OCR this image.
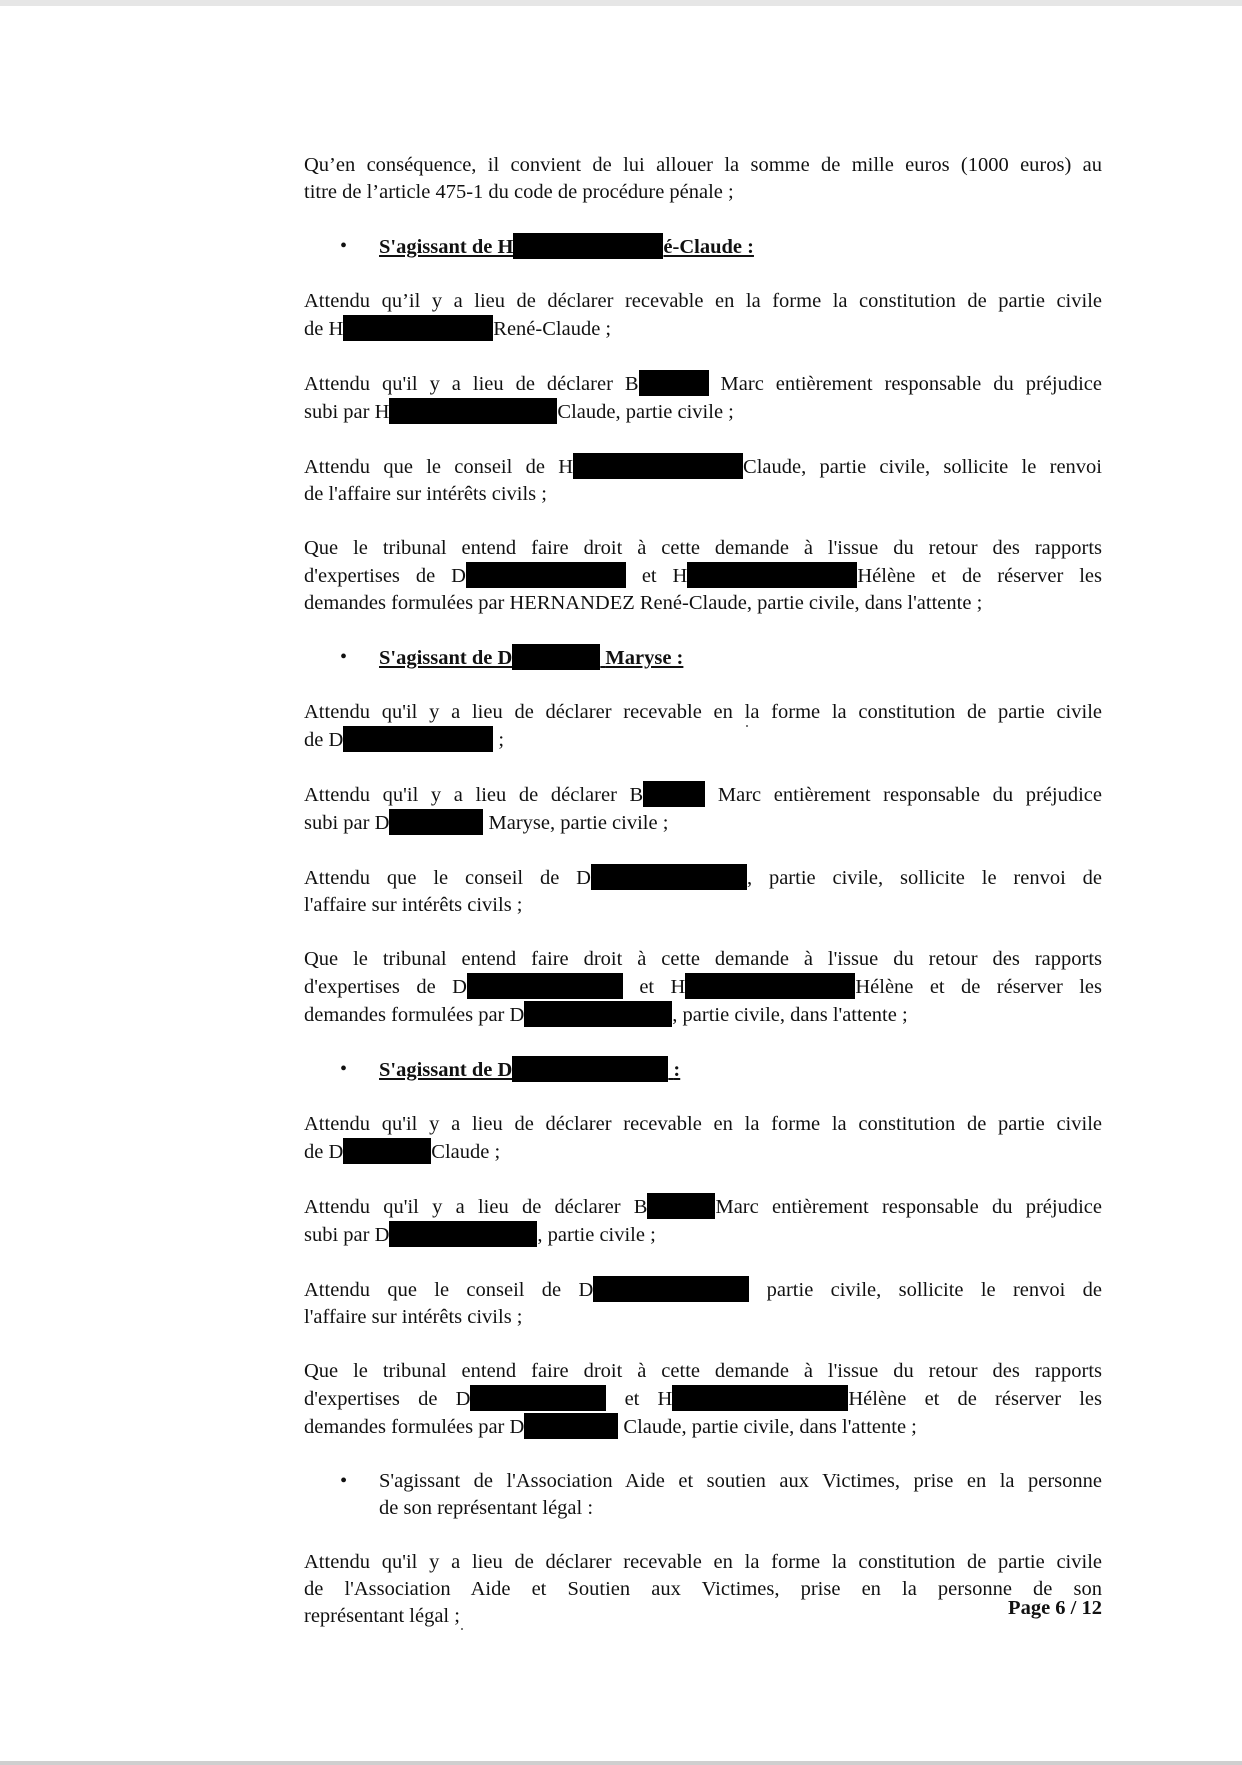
Qu’en conséquence, il convient de lui allouer la somme de mille euros (1000 euros) au
titre de l’article 475-1 du code de procédure pénale ;

• S'agissant de H	é-Claude :

Attendu qu’il y a lieu de déclarer recevable en la forme la constitution de partie civile
de H	René-Claude ;

Attendu qu'il y a lieu de déclarer B	Marc entièrement responsable du préjudice
subi par H	Claude, partie civile ;

Attendu que le conseil de H	Claude, partie civile, sollicite le renvoi
de l'affaire sur intérêts civils ;

Que le tribunal entend faire droit à cette demande à l'issue du retour des rapports
d'expertises de D	et H	Hélène et de réserver les
demandes formulées par HERNANDEZ René-Claude, partie civile, dans l'attente ;

• S'agissant de D	Maryse :

Attendu qu'il y a lieu de déclarer recevable en la forme la constitution de partie civile
de D	;

Attendu qu'il y a lieu de déclarer B	Marc entièrement responsable du préjudice
subi par D	Maryse, partie civile ;

Attendu que le conseil de D	, partie civile, sollicite le renvoi de
l'affaire sur intérêts civils ;

Que le tribunal entend faire droit à cette demande à l'issue du retour des rapports
d'expertises de D	et H	Hélène et de réserver les
demandes formulées par D	, partie civile, dans l'attente ;

• S'agissant de D	:

Attendu qu'il y a lieu de déclarer recevable en la forme la constitution de partie civile
de D	Claude ;

Attendu qu'il y a lieu de déclarer B	Marc entièrement responsable du préjudice
subi par D	, partie civile ;

Attendu que le conseil de D	partie civile, sollicite le renvoi de
l'affaire sur intérêts civils ;

Que le tribunal entend faire droit à cette demande à l'issue du retour des rapports
d'expertises de D	et H	Hélène et de réserver les
demandes formulées par D	Claude, partie civile, dans l'attente ;

• S'agissant de l'Association Aide et soutien aux Victimes, prise en la personne
de son représentant légal :

Attendu qu'il y a lieu de déclarer recevable en la forme la constitution de partie civile
de l'Association Aide et Soutien aux Victimes, prise en la personne de son
représentant légal ;	Page 6 / 12
